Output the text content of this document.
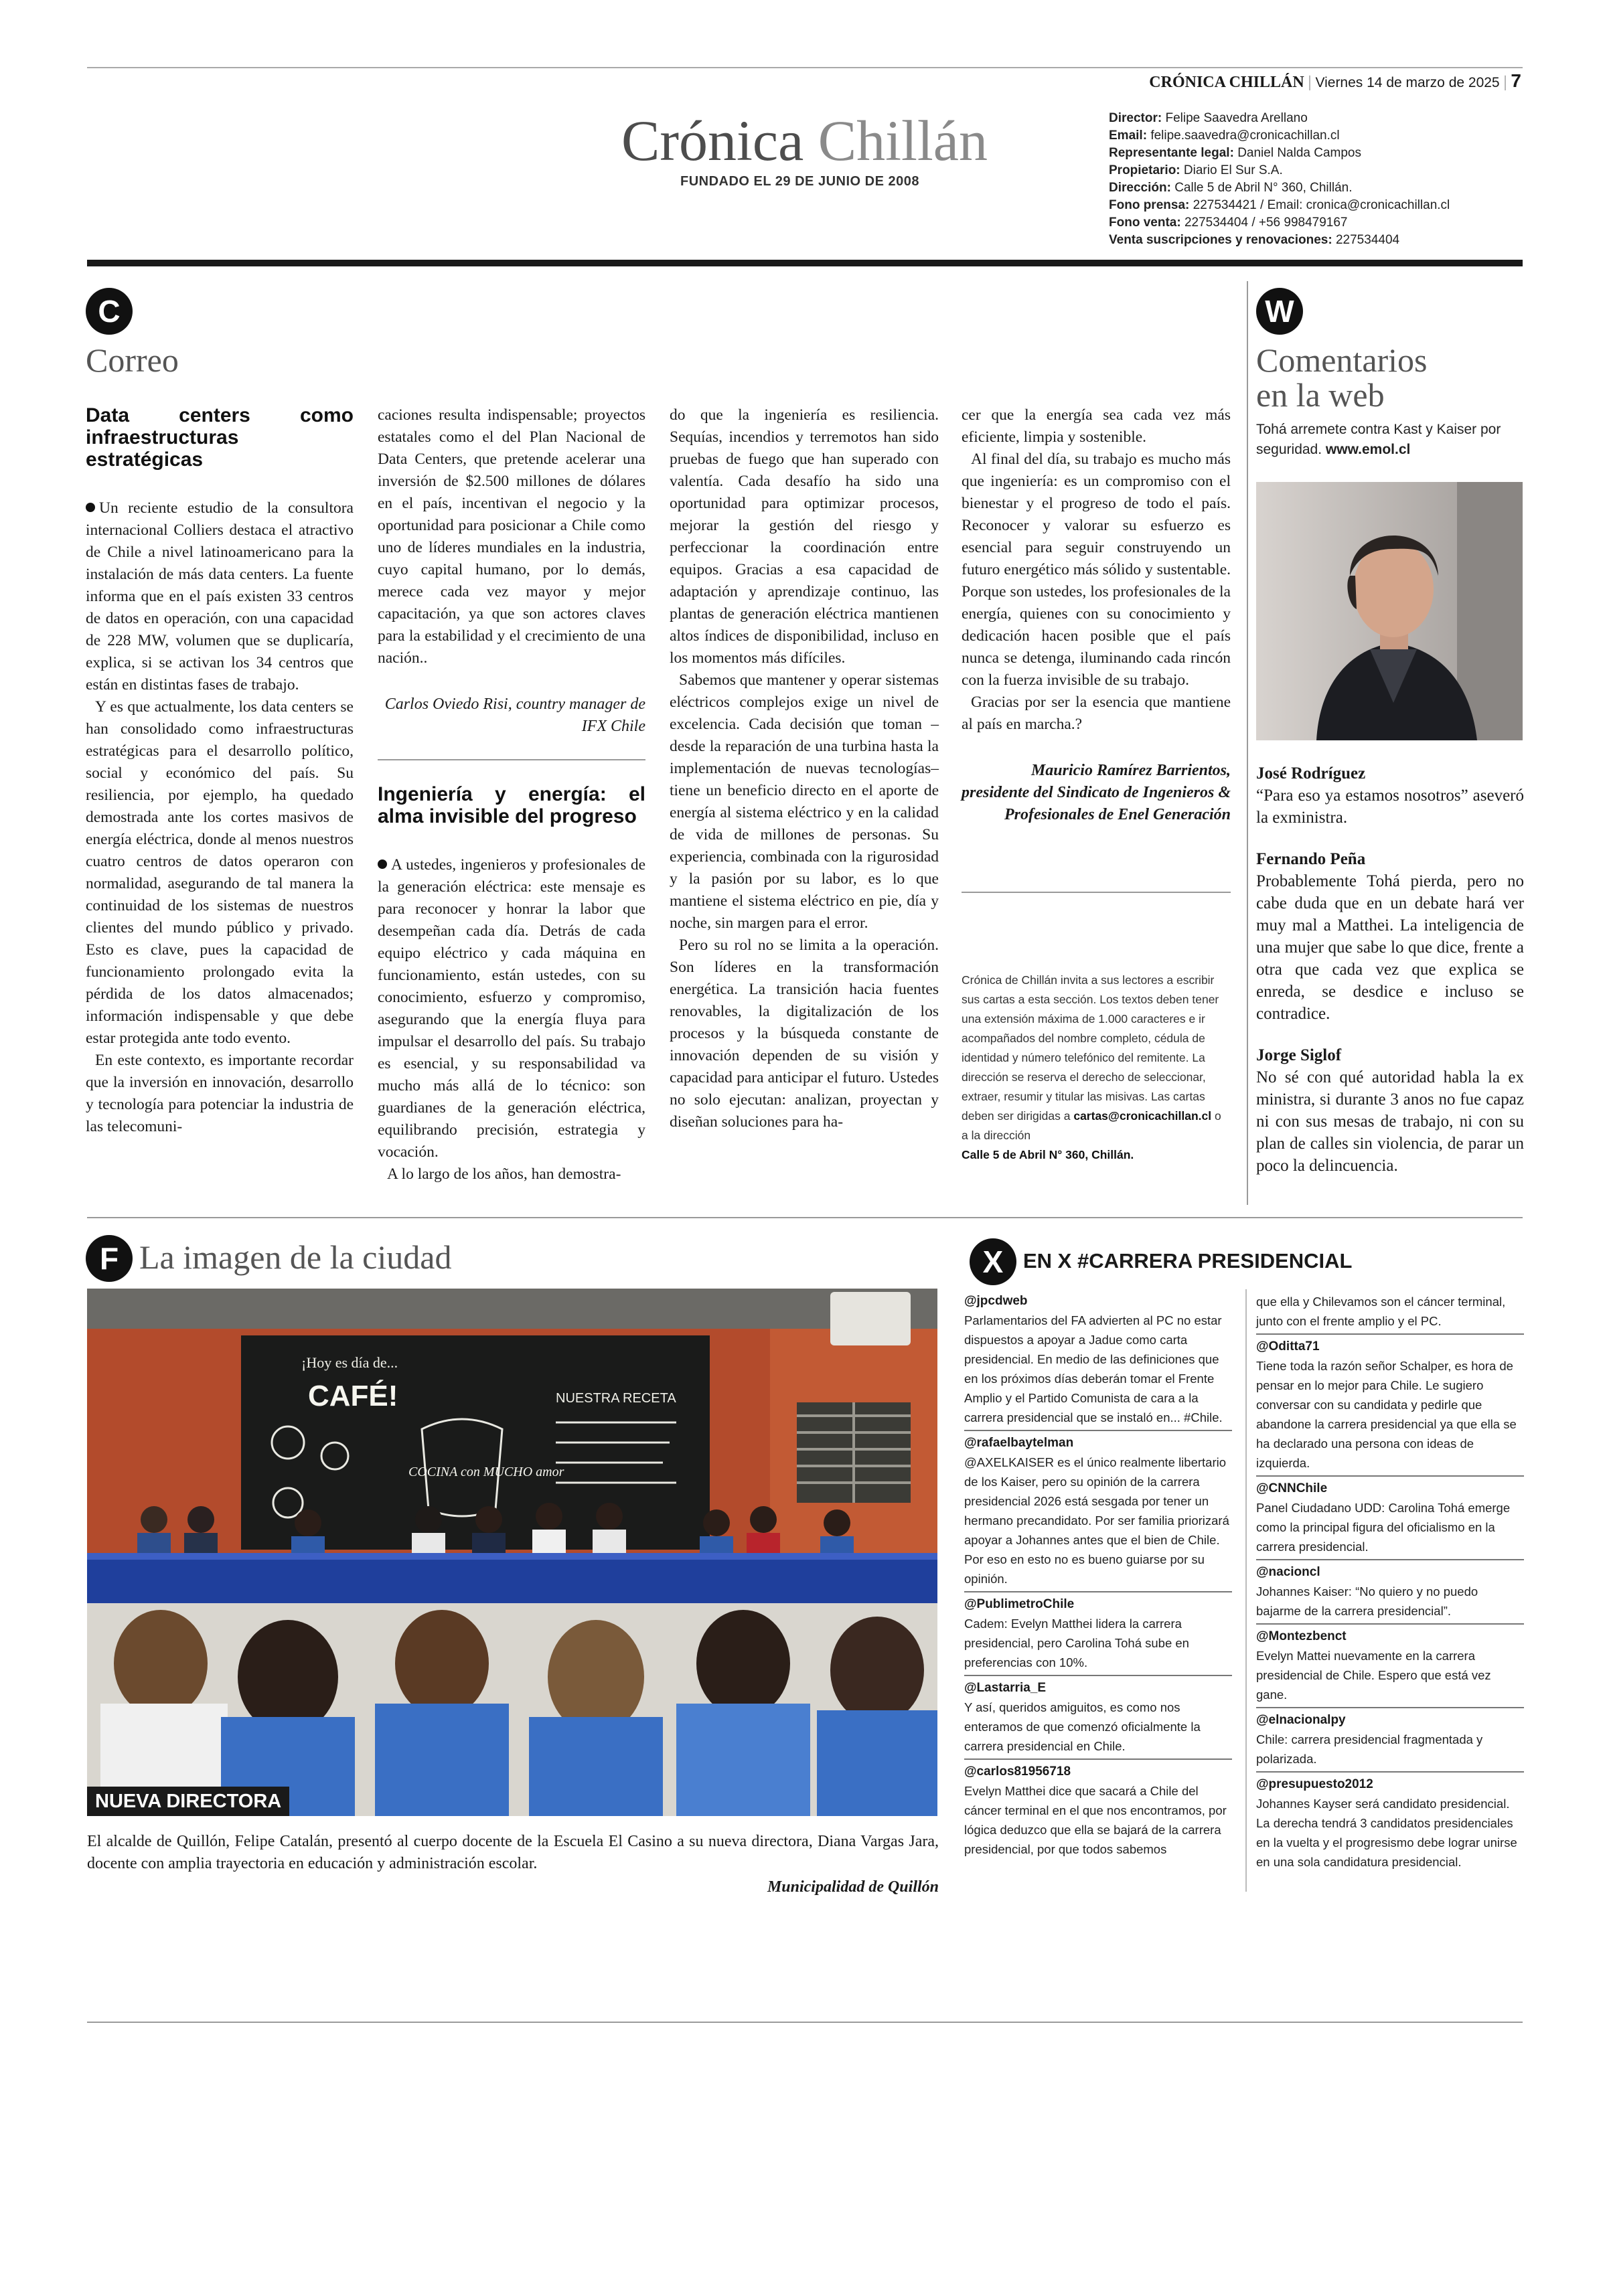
CRÓNICA CHILLÁN | Viernes 14 de marzo de 2025 | 7
Crónica Chillán
FUNDADO EL 29 DE JUNIO DE 2008
Director: Felipe Saavedra Arellano
Email: felipe.saavedra@cronicachillan.cl
Representante legal: Daniel Nalda Campos
Propietario: Diario El Sur S.A.
Dirección: Calle 5 de Abril N° 360, Chillán.
Fono prensa: 227534421 / Email: cronica@cronicachillan.cl
Fono venta: 227534404 / +56 998479167
Venta suscripciones y renovaciones: 227534404
C
Correo
Data centers como infraestructuras estratégicas

Un reciente estudio de la consultora internacional Colliers destaca el atractivo de Chile a nivel latinoamericano para la instalación de más data centers. La fuente informa que en el país existen 33 centros de datos en operación, con una capacidad de 228 MW, volumen que se duplicaría, explica, si se activan los 34 centros que están en distintas fases de trabajo.

Y es que actualmente, los data centers se han consolidado como infraestructuras estratégicas para el desarrollo político, social y económico del país. Su resiliencia, por ejemplo, ha quedado demostrada ante los cortes masivos de energía eléctrica, donde al menos nuestros cuatro centros de datos operaron con normalidad, asegurando de tal manera la continuidad de los sistemas de nuestros clientes del mundo público y privado. Esto es clave, pues la capacidad de funcionamiento prolongado evita la pérdida de los datos almacenados; información indispensable y que debe estar protegida ante todo evento.

En este contexto, es importante recordar que la inversión en innovación, desarrollo y tecnología para potenciar la industria de las telecomuni-

caciones resulta indispensable; proyectos estatales como el del Plan Nacional de Data Centers, que pretende acelerar una inversión de $2.500 millones de dólares en el país, incentivan el negocio y la oportunidad para posicionar a Chile como uno de líderes mundiales en la industria, cuyo capital humano, por lo demás, merece cada vez mayor y mejor capacitación, ya que son actores claves para la estabilidad y el crecimiento de una nación..

Carlos Oviedo Risi, country manager de IFX Chile
Ingeniería y energía: el alma invisible del progreso

A ustedes, ingenieros y profesionales de la generación eléctrica: este mensaje es para reconocer y honrar la labor que desempeñan cada día. Detrás de cada equipo eléctrico y cada máquina en funcionamiento, están ustedes, con su conocimiento, esfuerzo y compromiso, asegurando que la energía fluya para impulsar el desarrollo del país. Su trabajo es esencial, y su responsabilidad va mucho más allá de lo técnico: son guardianes de la generación eléctrica, equilibrando precisión, estrategia y vocación.

A lo largo de los años, han demostra-

do que la ingeniería es resiliencia. Sequías, incendios y terremotos han sido pruebas de fuego que han superado con valentía. Cada desafío ha sido una oportunidad para optimizar procesos, mejorar la gestión del riesgo y perfeccionar la coordinación entre equipos. Gracias a esa capacidad de adaptación y aprendizaje continuo, las plantas de generación eléctrica mantienen altos índices de disponibilidad, incluso en los momentos más difíciles.

Sabemos que mantener y operar sistemas eléctricos complejos exige un nivel de excelencia. Cada decisión que toman –desde la reparación de una turbina hasta la implementación de nuevas tecnologías– tiene un beneficio directo en el aporte de energía al sistema eléctrico y en la calidad de vida de millones de personas. Su experiencia, combinada con la rigurosidad y la pasión por su labor, es lo que mantiene el sistema eléctrico en pie, día y noche, sin margen para el error.

Pero su rol no se limita a la operación. Son líderes en la transformación energética. La transición hacia fuentes renovables, la digitalización de los procesos y la búsqueda constante de innovación dependen de su visión y capacidad para anticipar el futuro. Ustedes no solo ejecutan: analizan, proyectan y diseñan soluciones para ha-

cer que la energía sea cada vez más eficiente, limpia y sostenible.

Al final del día, su trabajo es mucho más que ingeniería: es un compromiso con el bienestar y el progreso de todo el país. Reconocer y valorar su esfuerzo es esencial para seguir construyendo un futuro energético más sólido y sustentable. Porque son ustedes, los profesionales de la energía, quienes con su conocimiento y dedicación hacen posible que el país nunca se detenga, iluminando cada rincón con la fuerza invisible de su trabajo.

Gracias por ser la esencia que mantiene al país en marcha.?

Mauricio Ramírez Barrientos, presidente del Sindicato de Ingenieros & Profesionales de Enel Generación
Crónica de Chillán invita a sus lectores a escribir sus cartas a esta sección. Los textos deben tener una extensión máxima de 1.000 caracteres e ir acompañados del nombre completo, cédula de identidad y número telefónico del remitente. La dirección se reserva el derecho de seleccionar, extraer, resumir y titular las misivas. Las cartas deben ser dirigidas a cartas@cronicachillan.cl o a la dirección
Calle 5 de Abril N° 360, Chillán.
W
Comentarios
en la web
Tohá arremete contra Kast y Kaiser por seguridad. www.emol.cl
José Rodríguez
“Para eso ya estamos nosotros” aseveró la exministra.
Fernando Peña
Probablemente Tohá pierda, pero no cabe duda que en un debate hará ver muy mal a Matthei. La inteligencia de una mujer que sabe lo que dice, frente a otra que cada vez que explica se enreda, se desdice e incluso se contradice.
Jorge Siglof
No sé con qué autoridad habla la ex ministra, si durante 3 anos no fue capaz ni con sus mesas de trabajo, ni con su plan de calles sin violencia, de parar un poco la delincuencia.
F La imagen de la ciudad
¡Hoy es día de...
CAFÉ!	NUESTRA RECETA
COCINA con MUCHO amor
NUEVA DIRECTORA
El alcalde de Quillón, Felipe Catalán, presentó al cuerpo docente de la Escuela El Casino a su nueva directora, Diana Vargas Jara, docente con amplia trayectoria en educación y administración escolar.
Municipalidad de Quillón
X EN X #CARRERA PRESIDENCIAL
@jpcdweb
Parlamentarios del FA advierten al PC no estar dispuestos a apoyar a Jadue como carta presidencial. En medio de las definiciones que en los próximos días deberán tomar el Frente Amplio y el Partido Comunista de cara a la carrera presidencial que se instaló en... #Chile.
@rafaelbaytelman
@AXELKAISER es el único realmente libertario de los Kaiser, pero su opinión de la carrera presidencial 2026 está sesgada por tener un hermano precandidato. Por ser familia priorizará apoyar a Johannes antes que el bien de Chile. Por eso en esto no es bueno guiarse por su opinión.
@PublimetroChile
Cadem: Evelyn Matthei lidera la carrera presidencial, pero Carolina Tohá sube en preferencias con 10%.
@Lastarria_E
Y así, queridos amiguitos, es como nos enteramos de que comenzó oficialmente la carrera presidencial en Chile.
@carlos81956718
Evelyn Matthei dice que sacará a Chile del cáncer terminal en el que nos encontramos, por lógica deduzco que ella se bajará de la carrera presidencial, por que todos sabemos
que ella y Chilevamos son el cáncer terminal, junto con el frente amplio y el PC.
@Oditta71
Tiene toda la razón señor Schalper, es hora de pensar en lo mejor para Chile. Le sugiero conversar con su candidata y pedirle que abandone la carrera presidencial ya que ella se ha declarado una persona con ideas de izquierda.
@CNNChile
Panel Ciudadano UDD: Carolina Tohá emerge como la principal figura del oficialismo en la carrera presidencial.
@nacioncl
Johannes Kaiser: “No quiero y no puedo bajarme de la carrera presidencial”.
@Montezbenct
Evelyn Mattei nuevamente en la carrera presidencial de Chile. Espero que está vez gane.
@elnacionalpy
Chile: carrera presidencial fragmentada y polarizada.
@presupuesto2012
Johannes Kayser será candidato presidencial. La derecha tendrá 3 candidatos presidenciales en la vuelta y el progresismo debe lograr unirse en una sola candidatura presidencial.
